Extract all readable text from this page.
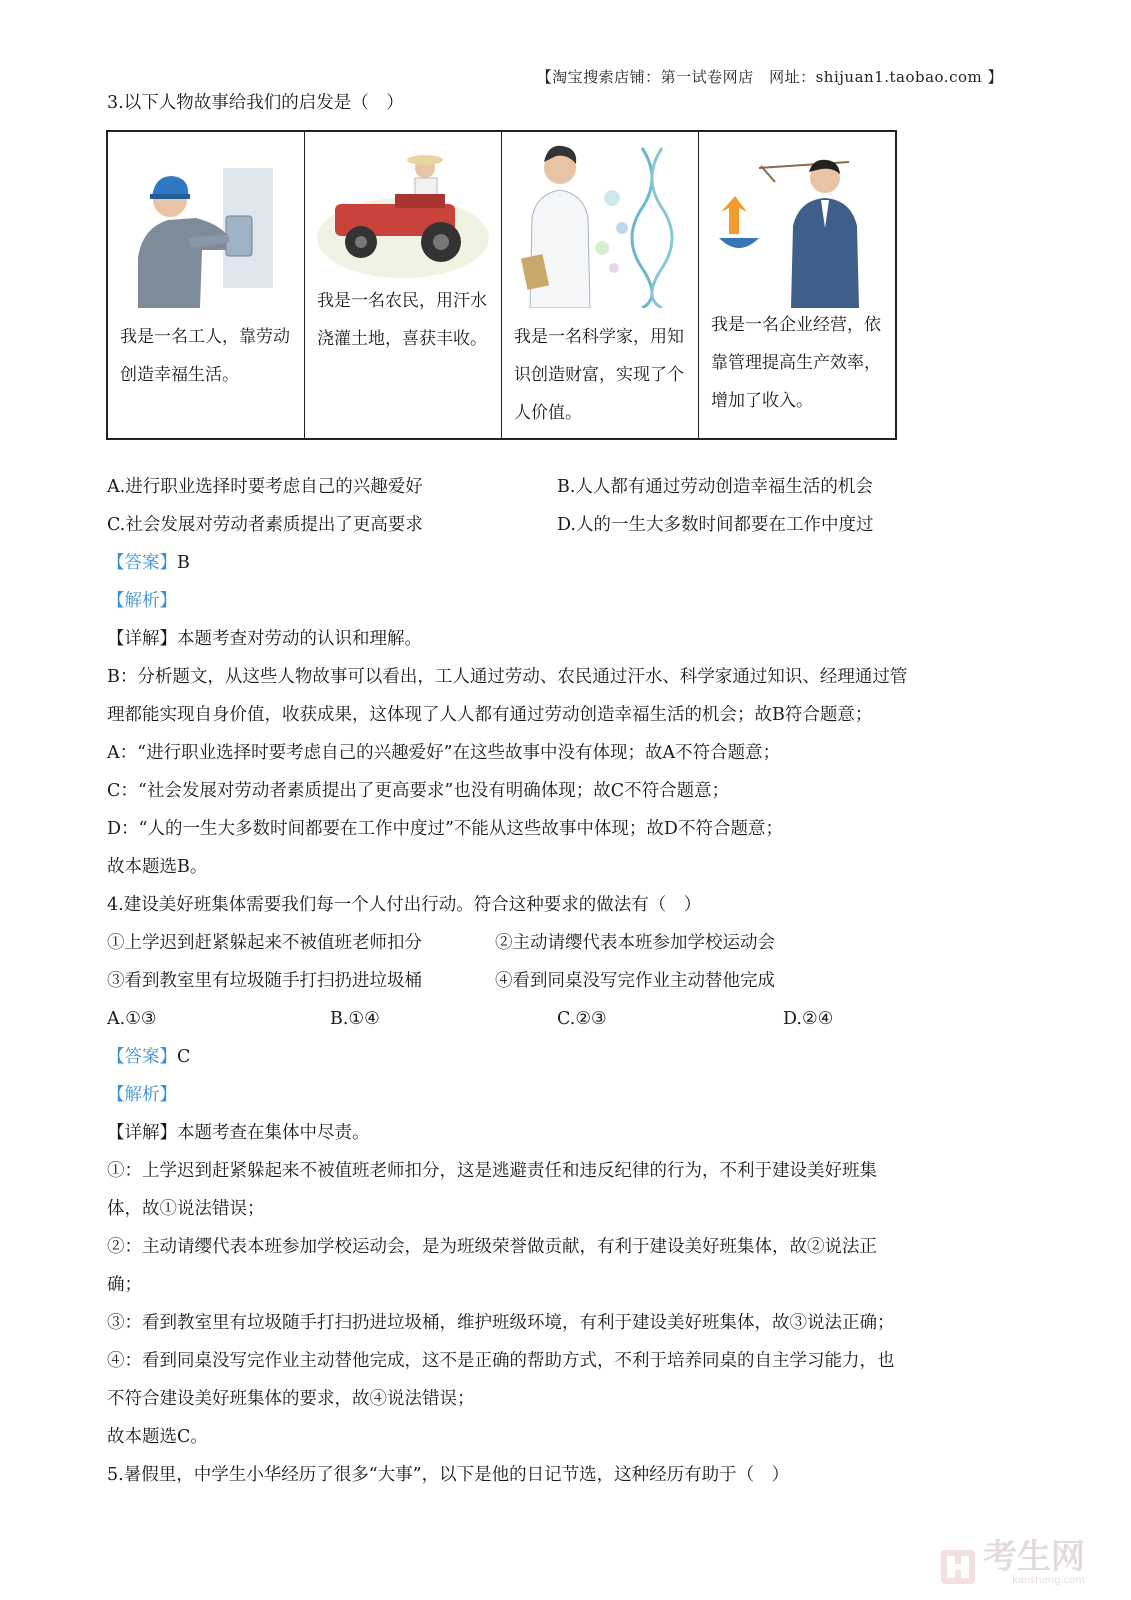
【淘宝搜索店铺：第一试卷网店　网址：shijuan1.taobao.com 】
3.以下人物故事给我们的启发是（　）
我是一名工人，靠劳动创造幸福生活。
我是一名农民，用汗水浇灌土地，喜获丰收。 我是一名科学家，用知识创造财富，实现了个人价值。
我是一名企业经营，依靠管理提高生产效率，增加了收入。
A.进行职业选择时要考虑自己的兴趣爱好	B.人人都有通过劳动创造幸福生活的机会
C.社会发展对劳动者素质提出了更高要求	D.人的一生大多数时间都要在工作中度过
【答案】B
【解析】
【详解】本题考查对劳动的认识和理解。
B：分析题文，从这些人物故事可以看出，工人通过劳动、农民通过汗水、科学家通过知识、经理通过管
理都能实现自身价值，收获成果，这体现了人人都有通过劳动创造幸福生活的机会；故B符合题意；
A：“进行职业选择时要考虑自己的兴趣爱好”在这些故事中没有体现；故A不符合题意；
C：“社会发展对劳动者素质提出了更高要求”也没有明确体现；故C不符合题意；
D：“人的一生大多数时间都要在工作中度过”不能从这些故事中体现；故D不符合题意；
故本题选B。
4.建设美好班集体需要我们每一个人付出行动。符合这种要求的做法有（　）
①上学迟到赶紧躲起来不被值班老师扣分	②主动请缨代表本班参加学校运动会
③看到教室里有垃圾随手打扫扔进垃圾桶	④看到同桌没写完作业主动替他完成
A.①③	B.①④	C.②③	D.②④
【答案】C
【解析】
【详解】本题考查在集体中尽责。
①：上学迟到赶紧躲起来不被值班老师扣分，这是逃避责任和违反纪律的行为，不利于建设美好班集
体，故①说法错误；
②：主动请缨代表本班参加学校运动会，是为班级荣誉做贡献，有利于建设美好班集体，故②说法正
确；
③：看到教室里有垃圾随手打扫扔进垃圾桶，维护班级环境，有利于建设美好班集体，故③说法正确；
④：看到同桌没写完作业主动替他完成，这不是正确的帮助方式，不利于培养同桌的自主学习能力，也
不符合建设美好班集体的要求，故④说法错误；
故本题选C。
5.暑假里，中学生小华经历了很多“大事”，以下是他的日记节选，这种经历有助于（　）
考生网
kaosheng.com
